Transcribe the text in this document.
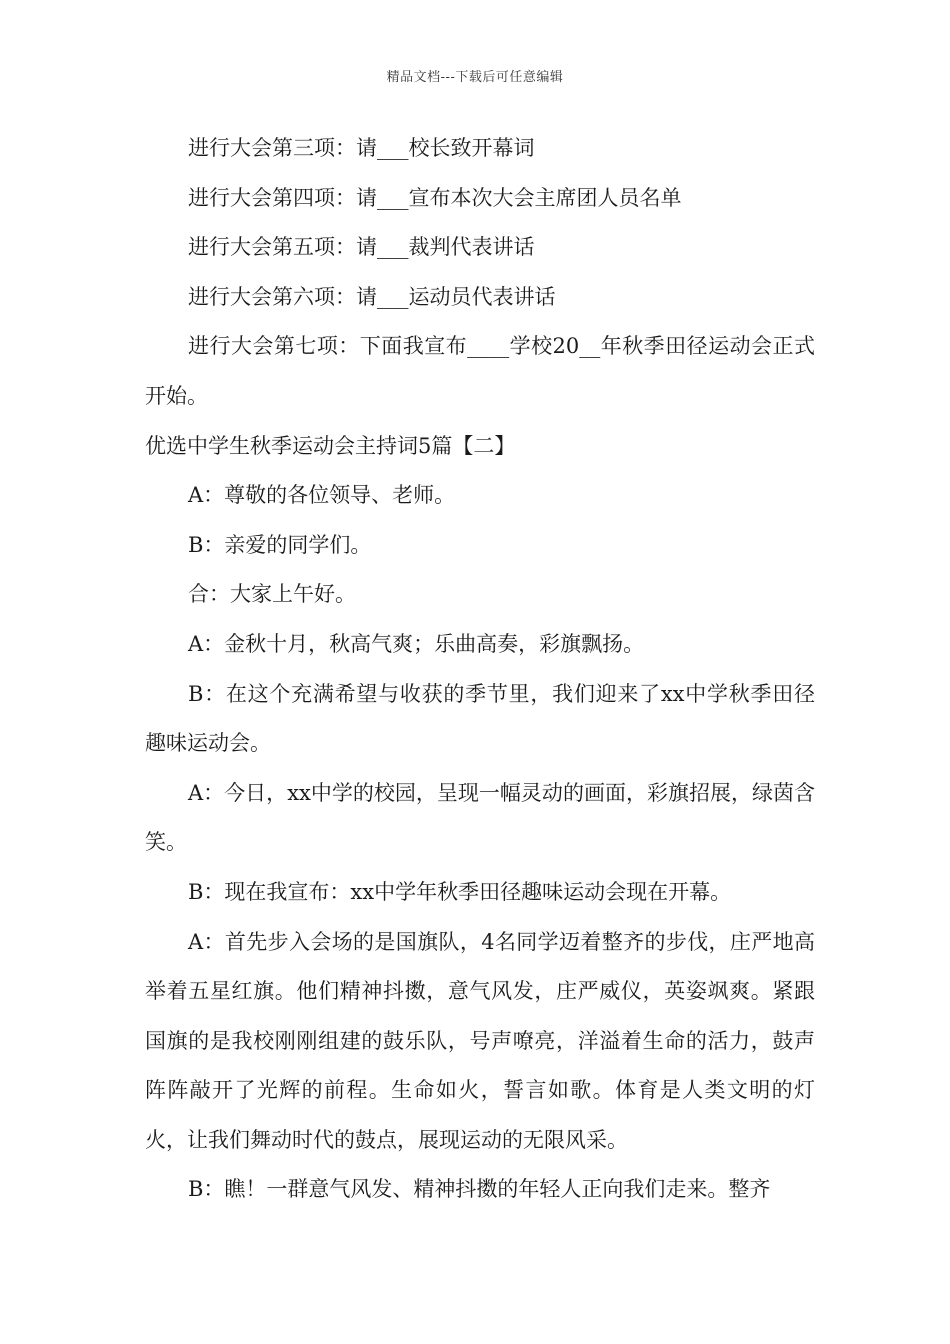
精品文档---下载后可任意编辑

进行大会第三项：请___校长致开幕词

进行大会第四项：请___宣布本次大会主席团人员名单

进行大会第五项：请___裁判代表讲话

进行大会第六项：请___运动员代表讲话

进行大会第七项：下面我宣布____学校20__年秋季田径运动会正式开始。

优选中学生秋季运动会主持词5篇【二】

A：尊敬的各位领导、老师。

B：亲爱的同学们。

合：大家上午好。

A：金秋十月，秋高气爽；乐曲高奏，彩旗飘扬。

B：在这个充满希望与收获的季节里，我们迎来了xx中学秋季田径趣味运动会。

A：今日，xx中学的校园，呈现一幅灵动的画面，彩旗招展，绿茵含笑。

B：现在我宣布：xx中学年秋季田径趣味运动会现在开幕。

A：首先步入会场的是国旗队，4名同学迈着整齐的步伐，庄严地高举着五星红旗。他们精神抖擞，意气风发，庄严威仪，英姿飒爽。紧跟国旗的是我校刚刚组建的鼓乐队，号声嘹亮，洋溢着生命的活力，鼓声阵阵敲开了光辉的前程。生命如火，誓言如歌。体育是人类文明的灯火，让我们舞动时代的鼓点，展现运动的无限风采。

B：瞧！一群意气风发、精神抖擞的年轻人正向我们走来。整齐
